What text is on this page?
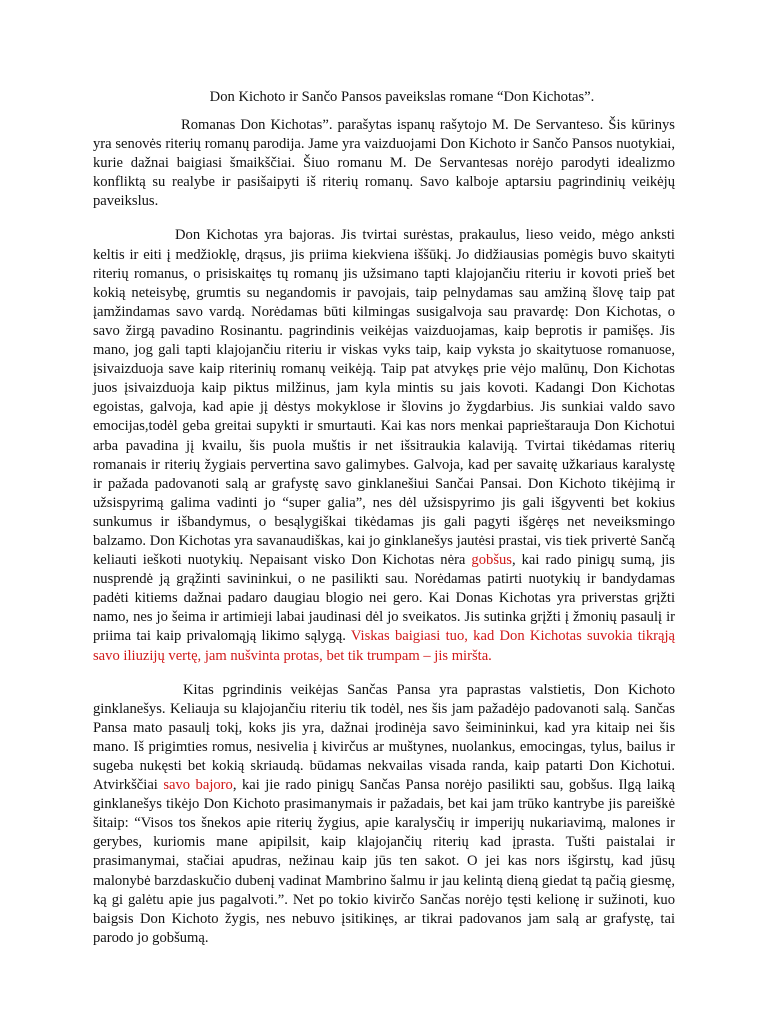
Don Kichoto ir Sančo Pansos paveikslas romane “Don Kichotas”.

Romanas Don Kichotas”. parašytas ispanų rašytojo M. De Servanteso. Šis kūrinys yra senovės riterių romanų parodija. Jame yra vaizduojami Don Kichoto ir Sančo Pansos nuotykiai, kurie dažnai baigiasi šmaikščiai. Šiuo romanu M. De Servantesas norėjo parodyti idealizmo konfliktą su realybe ir pasišaipyti iš riterių romanų. Savo kalboje aptarsiu pagrindinių veikėjų paveikslus.

Don Kichotas yra bajoras. Jis tvirtai surėstas, prakaulus, liesо veido, mėgo anksti keltis ir eiti į medžioklę, drąsus, jis priima kiekviena iššūkį. Jo didžiausias pomėgis buvo skaityti riterių romanus, o prisiskaitęs tų romanų jis užsimano tapti klajojančiu riteriu ir kovoti prieš bet kokią neteisybę, grumtis su negandomis ir pavojais, taip pelnydamas sau amžiną šlovę taip pat įamžindamas savo vardą. Norėdamas būti kilmingas susigalvoja sau pravardę: Don Kichotas, o savo žirgą pavadino Rosinantu. pagrindinis veikėjas vaizduojamas, kaip beprotis ir pamišęs. Jis mano, jog gali tapti klajojančiu riteriu ir viskas vyks taip, kaip vyksta jo skaitytuose romanuose, įsivaizduoja save kaip riterinių romanų veikėją. Taip pat atvykęs prie vėjo malūnų, Don Kichotas juos įsivaizduoja kaip piktus milžinus, jam kyla mintis su jais kovoti. Kadangi Don Kichotas egoistas, galvoja, kad apie jį dėstys mokyklose ir šlovins jo žygdarbius. Jis sunkiai valdo savo emocijas,todėl geba greitai supykti ir smurtauti. Kai kas nors menkai paprieštarauja Don Kichotui arba pavadina jį kvailu, šis puola muštis ir net išsitraukia kalaviją. Tvirtai tikėdamas riterių romanais ir riterių žygiais pervertina savo galimybes. Galvoja, kad per savaitę užkariaus karalystę ir pažada padovanoti salą ar grafystę savo ginklanešiui Sančai Pansai. Don Kichoto tikėjimą ir užsispyrimą galima vadinti jo “super galia”, nes dėl užsispyrimo jis gali išgyventi bet kokius sunkumus ir išbandymus, o besąlygiškai tikėdamas jis gali pagyti išgėręs net neveiksmingo balzamo. Don Kichotas yra savanaudiškas, kai jo ginklanešys jautėsi prastai, vis tiek privertė Sančą keliauti ieškoti nuotykių. Nepaisant visko Don Kichotas nėra gobšus, kai rado pinigų sumą, jis nusprendė ją grąžinti savininkui, o ne pasilikti sau. Norėdamas patirti nuotykių ir bandydamas padėti kitiems dažnai padaro daugiau blogio nei gero. Kai Donas Kichotas yra priverstas grįžti namo, nes jo šeima ir artimieji labai jaudinasi dėl jo sveikatos. Jis sutinka grįžti į žmonių pasaulį ir priima tai kaip privalomąją likimo sąlygą. Viskas baigiasi tuo, kad Don Kichotas suvokia tikrąją savo iliuzijų vertę, jam nušvinta protas, bet tik trumpam – jis miršta.

Kitas pgrindinis veikėjas Sančas Pansa yra paprastas valstietis, Don Kichoto ginklanešys. Keliauja su klajojančiu riteriu tik todėl, nes šis jam pažadėjo padovanoti salą. Sančas Pansa mato pasaulį tokį, koks jis yra, dažnai įrodinėja savo šeimininkui, kad yra kitaip nei šis mano. Iš prigimties romus, nesivelia į kivirčus ar muštynes, nuolankus, emocingas, tylus, bailus ir sugeba nukęsti bet kokią skriaudą. būdamas nekvailas visada randa, kaip patarti Don Kichotui. Atvirkščiai savo bajoro, kai jie rado pinigų Sančas Pansa norėjo pasilikti sau, gobšus. Ilgą laiką ginklanešys tikėjo Don Kichoto prasimanymais ir pažadais, bet kai jam trūko kantrybe jis pareiškė šitaip: “Visos tos šnekos apie riterių žygius, apie karalysčių ir imperijų nukariavimą, malones ir gerybes, kuriomis mane apipilsit, kaip klajojančių riterių kad įprasta. Tušti paistalai ir prasimanymai, stačiai apudras, nežinau kaip jūs ten sakot. O jei kas nors išgirstų, kad jūsų malonybė barzdaskučio dubenį vadinat Mambrino šalmu ir jau kelintą dieną giedat tą pačią giesmę, ką gi galėtu apie jus pagalvoti.”. Net po tokio kivirčo Sančas norėjo tęsti kelionę ir sužinoti, kuo baigsis Don Kichoto žygis, nes nebuvo įsitikinęs, ar tikrai padovanos jam salą ar grafystę, tai parodo jo gobšumą.
